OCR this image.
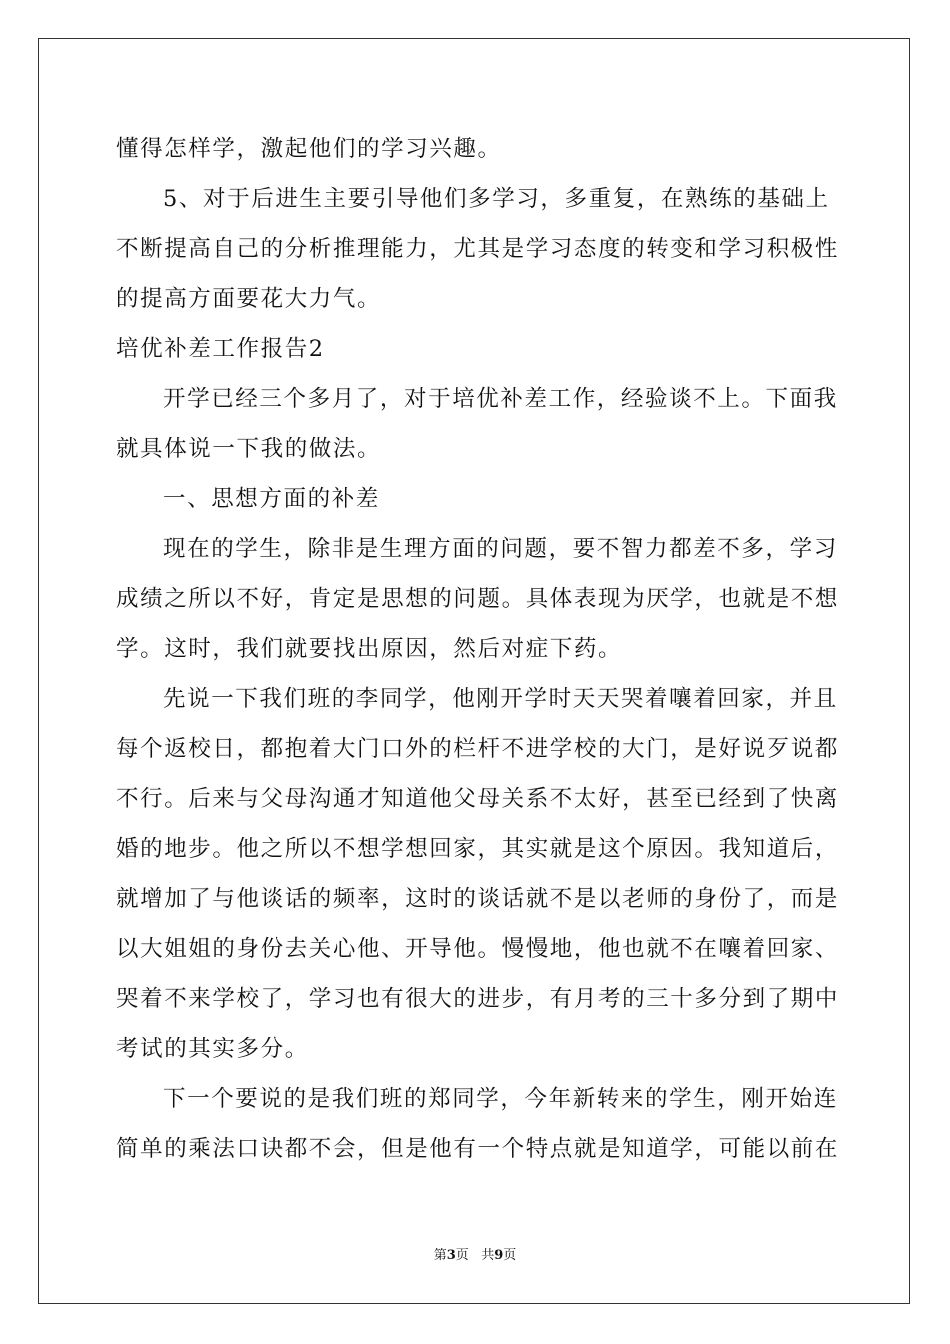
懂得怎样学，激起他们的学习兴趣。
5、对于后进生主要引导他们多学习，多重复，在熟练的基础上
不断提高自己的分析推理能力，尤其是学习态度的转变和学习积极性
的提高方面要花大力气。
培优补差工作报告2
开学已经三个多月了，对于培优补差工作，经验谈不上。下面我
就具体说一下我的做法。
一、思想方面的补差
现在的学生，除非是生理方面的问题，要不智力都差不多，学习
成绩之所以不好，肯定是思想的问题。具体表现为厌学，也就是不想
学。这时，我们就要找出原因，然后对症下药。
先说一下我们班的李同学，他刚开学时天天哭着嚷着回家，并且
每个返校日，都抱着大门口外的栏杆不进学校的大门，是好说歹说都
不行。后来与父母沟通才知道他父母关系不太好，甚至已经到了快离
婚的地步。他之所以不想学想回家，其实就是这个原因。我知道后，
就增加了与他谈话的频率，这时的谈话就不是以老师的身份了，而是
以大姐姐的身份去关心他、开导他。慢慢地，他也就不在嚷着回家、
哭着不来学校了，学习也有很大的进步，有月考的三十多分到了期中
考试的其实多分。
下一个要说的是我们班的郑同学，今年新转来的学生，刚开始连
简单的乘法口诀都不会，但是他有一个特点就是知道学，可能以前在
第3页 共9页
